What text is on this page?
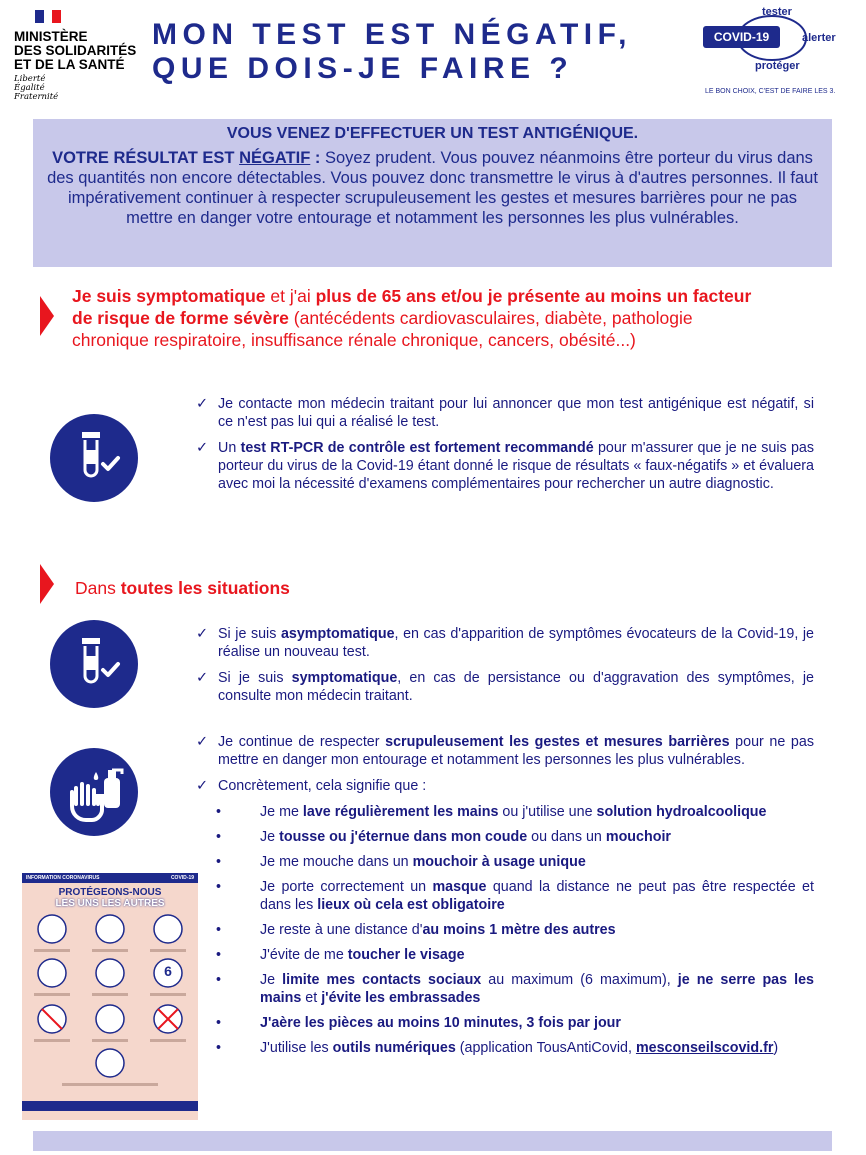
MINISTÈRE
DES SOLIDARITÉS
ET DE LA SANTÉ
Liberté
Égalité
Fraternité
MON TEST EST NÉGATIF,
QUE DOIS-JE FAIRE ?
COVID-19
tester
alerter
protéger
LE BON CHOIX, C'EST DE FAIRE LES 3.
VOUS VENEZ D'EFFECTUER UN TEST ANTIGÉNIQUE.

VOTRE RÉSULTAT EST NÉGATIF : Soyez prudent. Vous pouvez néanmoins être porteur du virus dans des quantités non encore détectables. Vous pouvez donc transmettre le virus à d'autres personnes. Il faut impérativement continuer à respecter scrupuleusement les gestes et mesures barrières pour ne pas mettre en danger votre entourage et notamment les personnes les plus vulnérables.

Je suis symptomatique et j'ai plus de 65 ans et/ou je présente au moins un facteur de risque de forme sévère (antécédents cardiovasculaires, diabète, pathologie chronique respiratoire, insuffisance rénale chronique, cancers, obésité...)
✓ Je contacte mon médecin traitant pour lui annoncer que mon test antigénique est négatif, si ce n'est pas lui qui a réalisé le test.
✓ Un test RT-PCR de contrôle est fortement recommandé pour m'assurer que je ne suis pas porteur du virus de la Covid-19 étant donné le risque de résultats « faux-négatifs » et évaluera avec moi la nécessité d'examens complémentaires pour rechercher un autre diagnostic.
Dans toutes les situations
✓ Si je suis asymptomatique, en cas d'apparition de symptômes évocateurs de la Covid-19, je réalise un nouveau test.
✓ Si je suis symptomatique, en cas de persistance ou d'aggravation des symptômes, je consulte mon médecin traitant.
✓ Je continue de respecter scrupuleusement les gestes et mesures barrières pour ne pas mettre en danger mon entourage et notamment les personnes les plus vulnérables.
✓ Concrètement, cela signifie que :
•	Je me lave régulièrement les mains ou j'utilise une solution hydroalcoolique
•	Je tousse ou j'éternue dans mon coude ou dans un mouchoir
•	Je me mouche dans un mouchoir à usage unique
•	Je porte correctement un masque quand la distance ne peut pas être respectée et dans les lieux où cela est obligatoire
•	Je reste à une distance d'au moins 1 mètre des autres
•	J'évite de me toucher le visage
•	Je limite mes contacts sociaux au maximum (6 maximum), je ne serre pas les mains et j'évite les embrassades
•	J'aère les pièces au moins 10 minutes, 3 fois par jour
•	J'utilise les outils numériques (application TousAntiCovid, mesconseilscovid.fr)
INFORMATION CORONAVIRUS	COVID-19
PROTÉGEONS-NOUS
LES UNS LES AUTRES
6
